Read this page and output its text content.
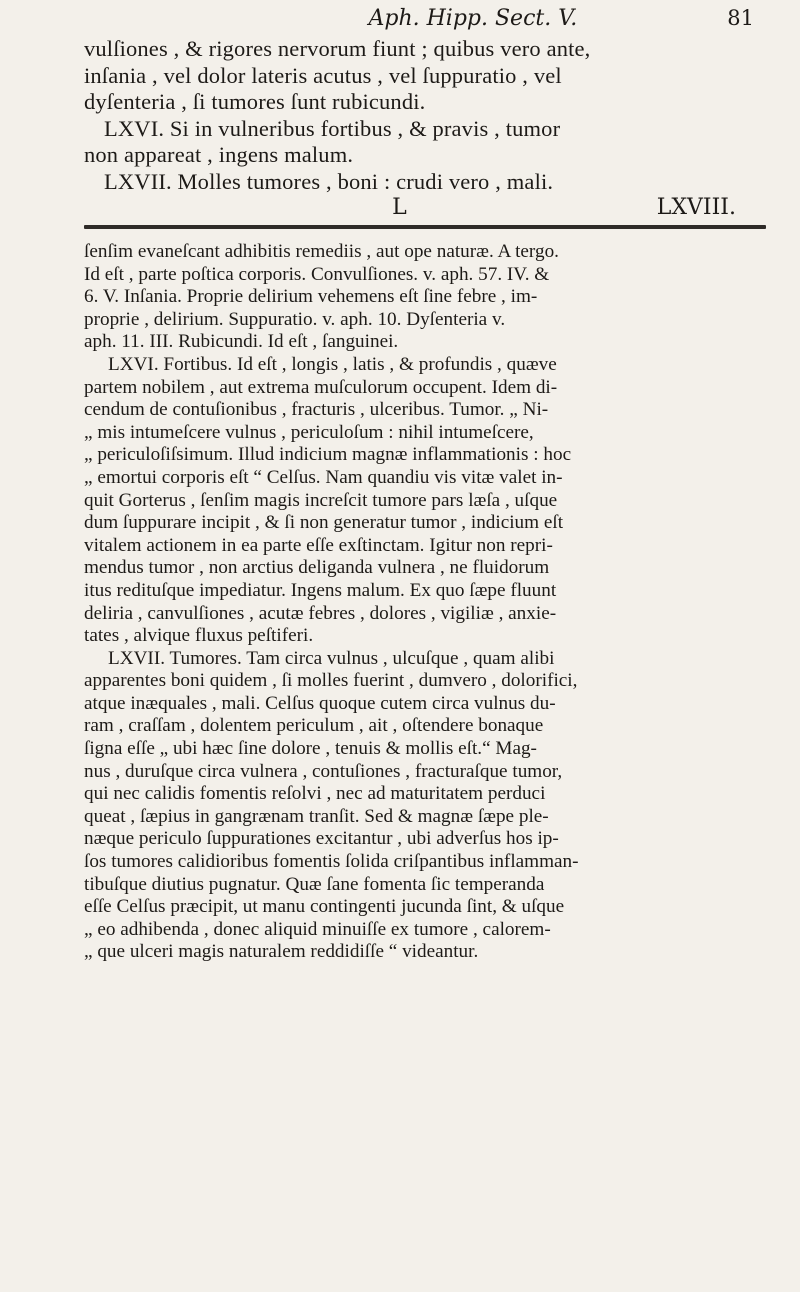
Aph. Hipp. Sect. V.	81
vulſiones , & rigores nervorum fiunt ; quibus vero ante,
inſania , vel dolor lateris acutus , vel ſuppuratio , vel
dyſenteria , ſi tumores ſunt rubicundi.
LXVI. Si in vulneribus fortibus , & pravis , tumor
non appareat , ingens malum.
LXVII. Molles tumores , boni : crudi vero , mali.
L	LXVIII.
ſenſim evaneſcant adhibitis remediis , aut ope naturæ. A tergo.
Id eſt , parte poſtica corporis. Convulſiones. v. aph. 57. IV. &
6. V. Inſania. Proprie delirium vehemens eſt ſine febre , im-
proprie , delirium. Suppuratio. v. aph. 10. Dyſenteria v.
aph. 11. III. Rubicundi. Id eſt , ſanguinei.
LXVI. Fortibus. Id eſt , longis , latis , & profundis , quæve
partem nobilem , aut extrema muſculorum occupent. Idem di-
cendum de contuſionibus , fracturis , ulceribus. Tumor. „ Ni-
„ mis intumeſcere vulnus , periculoſum : nihil intumeſcere,
„ periculoſiſsimum. Illud indicium magnæ inflammationis : hoc
„ emortui corporis eſt “ Celſus. Nam quandiu vis vitæ valet in-
quit Gorterus , ſenſim magis increſcit tumore pars læſa , uſque
dum ſuppurare incipit , & ſi non generatur tumor , indicium eſt
vitalem actionem in ea parte eſſe exſtinctam. Igitur non repri-
mendus tumor , non arctius deliganda vulnera , ne fluidorum
itus redituſque impediatur. Ingens malum. Ex quo ſæpe fluunt
deliria , canvulſiones , acutæ febres , dolores , vigiliæ , anxie-
tates , alvique fluxus peſtiferi.
LXVII. Tumores. Tam circa vulnus , ulcuſque , quam alibi
apparentes boni quidem , ſi molles fuerint , dumvero , dolorifici,
atque inæquales , mali. Celſus quoque cutem circa vulnus du-
ram , craſſam , dolentem periculum , ait , oſtendere bonaque
ſigna eſſe „ ubi hæc ſine dolore , tenuis & mollis eſt.“ Mag-
nus , duruſque circa vulnera , contuſiones , fracturaſque tumor,
qui nec calidis fomentis reſolvi , nec ad maturitatem perduci
queat , ſæpius in gangrænam tranſit. Sed & magnæ ſæpe ple-
næque periculo ſuppurationes excitantur , ubi adverſus hos ip-
ſos tumores calidioribus fomentis ſolida criſpantibus inflamman-
tibuſque diutius pugnatur. Quæ ſane fomenta ſic temperanda
eſſe Celſus præcipit, ut manu contingenti jucunda ſint, & uſque
„ eo adhibenda , donec aliquid minuiſſe ex tumore , calorem-
„ que ulceri magis naturalem reddidiſſe “ videantur.
